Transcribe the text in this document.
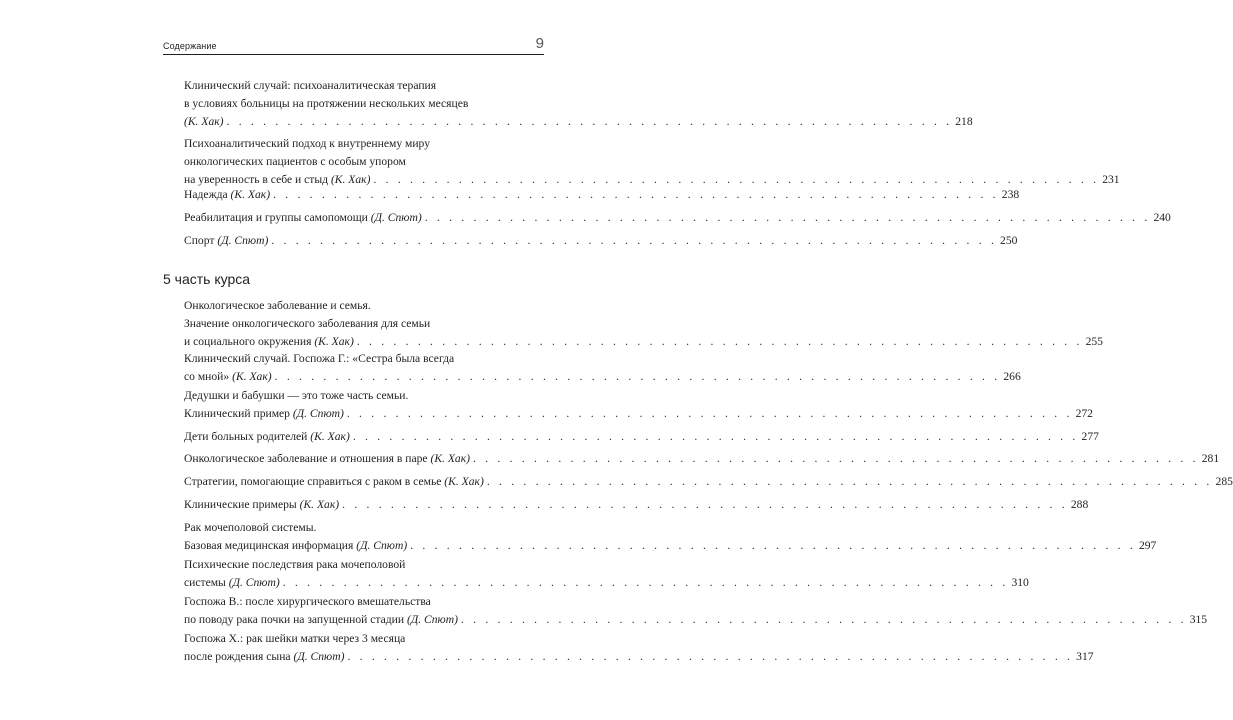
Содержание	9
Клинический случай: психоаналитическая терапия
в условиях больницы на протяжении нескольких месяцев
(К. Хак) . . . . . . . . . . . . . . . . . . . . . . . . . . . . . . . . . . . . . . . . . . . . . . . . . . . . . . . . . . . . 218
Психоаналитический подход к внутреннему миру
онкологических пациентов с особым упором
на уверенность в себе и стыд (К. Хак) . . . . . . . . . . . . . . . . . . . . . . . . . . . . . . . . . . . . . . . . . . . . . . . . . . . . . . . . . . . . 231
Надежда (К. Хак) . . . . . . . . . . . . . . . . . . . . . . . . . . . . . . . . . . . . . . . . . . . . . . . . . . . . . . . . . . . . 238
Реабилитация и группы самопомощи (Д. Спют) . . . . . . . . . . . . . . . . . . . . . . . . . . . . . . . . . . . . . . . . . . . . . . . . . . . . . . . . . . . . 240
Спорт (Д. Спют) . . . . . . . . . . . . . . . . . . . . . . . . . . . . . . . . . . . . . . . . . . . . . . . . . . . . . . . . . . . . 250
5 часть курса
Онкологическое заболевание и семья.
Значение онкологического заболевания для семьи
и социального окружения (К. Хак) . . . . . . . . . . . . . . . . . . . . . . . . . . . . . . . . . . . . . . . . . . . . . . . . . . . . . . . . . . . . 255
Клинический случай. Госпожа Г.: «Сестра была всегда
со мной» (К. Хак) . . . . . . . . . . . . . . . . . . . . . . . . . . . . . . . . . . . . . . . . . . . . . . . . . . . . . . . . . . . . 266
Дедушки и бабушки — это тоже часть семьи.
Клинический пример (Д. Спют) . . . . . . . . . . . . . . . . . . . . . . . . . . . . . . . . . . . . . . . . . . . . . . . . . . . . . . . . . . . . 272
Дети больных родителей (К. Хак) . . . . . . . . . . . . . . . . . . . . . . . . . . . . . . . . . . . . . . . . . . . . . . . . . . . . . . . . . . . . 277
Онкологическое заболевание и отношения в паре (К. Хак) . . . . . . . . . . . . . . . . . . . . . . . . . . . . . . . . . . . . . . . . . . . . . . . . . . . . . . . . . . . . 281
Стратегии, помогающие справиться с раком в семье (К. Хак) . . . . . . . . . . . . . . . . . . . . . . . . . . . . . . . . . . . . . . . . . . . . . . . . . . . . . . . . . . . . 285
Клинические примеры (К. Хак) . . . . . . . . . . . . . . . . . . . . . . . . . . . . . . . . . . . . . . . . . . . . . . . . . . . . . . . . . . . . 288
Рак мочеполовой системы.
Базовая медицинская информация (Д. Спют) . . . . . . . . . . . . . . . . . . . . . . . . . . . . . . . . . . . . . . . . . . . . . . . . . . . . . . . . . . . . 297
Психические последствия рака мочеполовой
системы (Д. Спют) . . . . . . . . . . . . . . . . . . . . . . . . . . . . . . . . . . . . . . . . . . . . . . . . . . . . . . . . . . . . 310
Госпожа В.: после хирургического вмешательства
по поводу рака почки на запущенной стадии (Д. Спют) . . . . . . . . . . . . . . . . . . . . . . . . . . . . . . . . . . . . . . . . . . . . . . . . . . . . . . . . . . . . 315
Госпожа Х.: рак шейки матки через 3 месяца
после рождения сына (Д. Спют) . . . . . . . . . . . . . . . . . . . . . . . . . . . . . . . . . . . . . . . . . . . . . . . . . . . . . . . . . . . . 317
